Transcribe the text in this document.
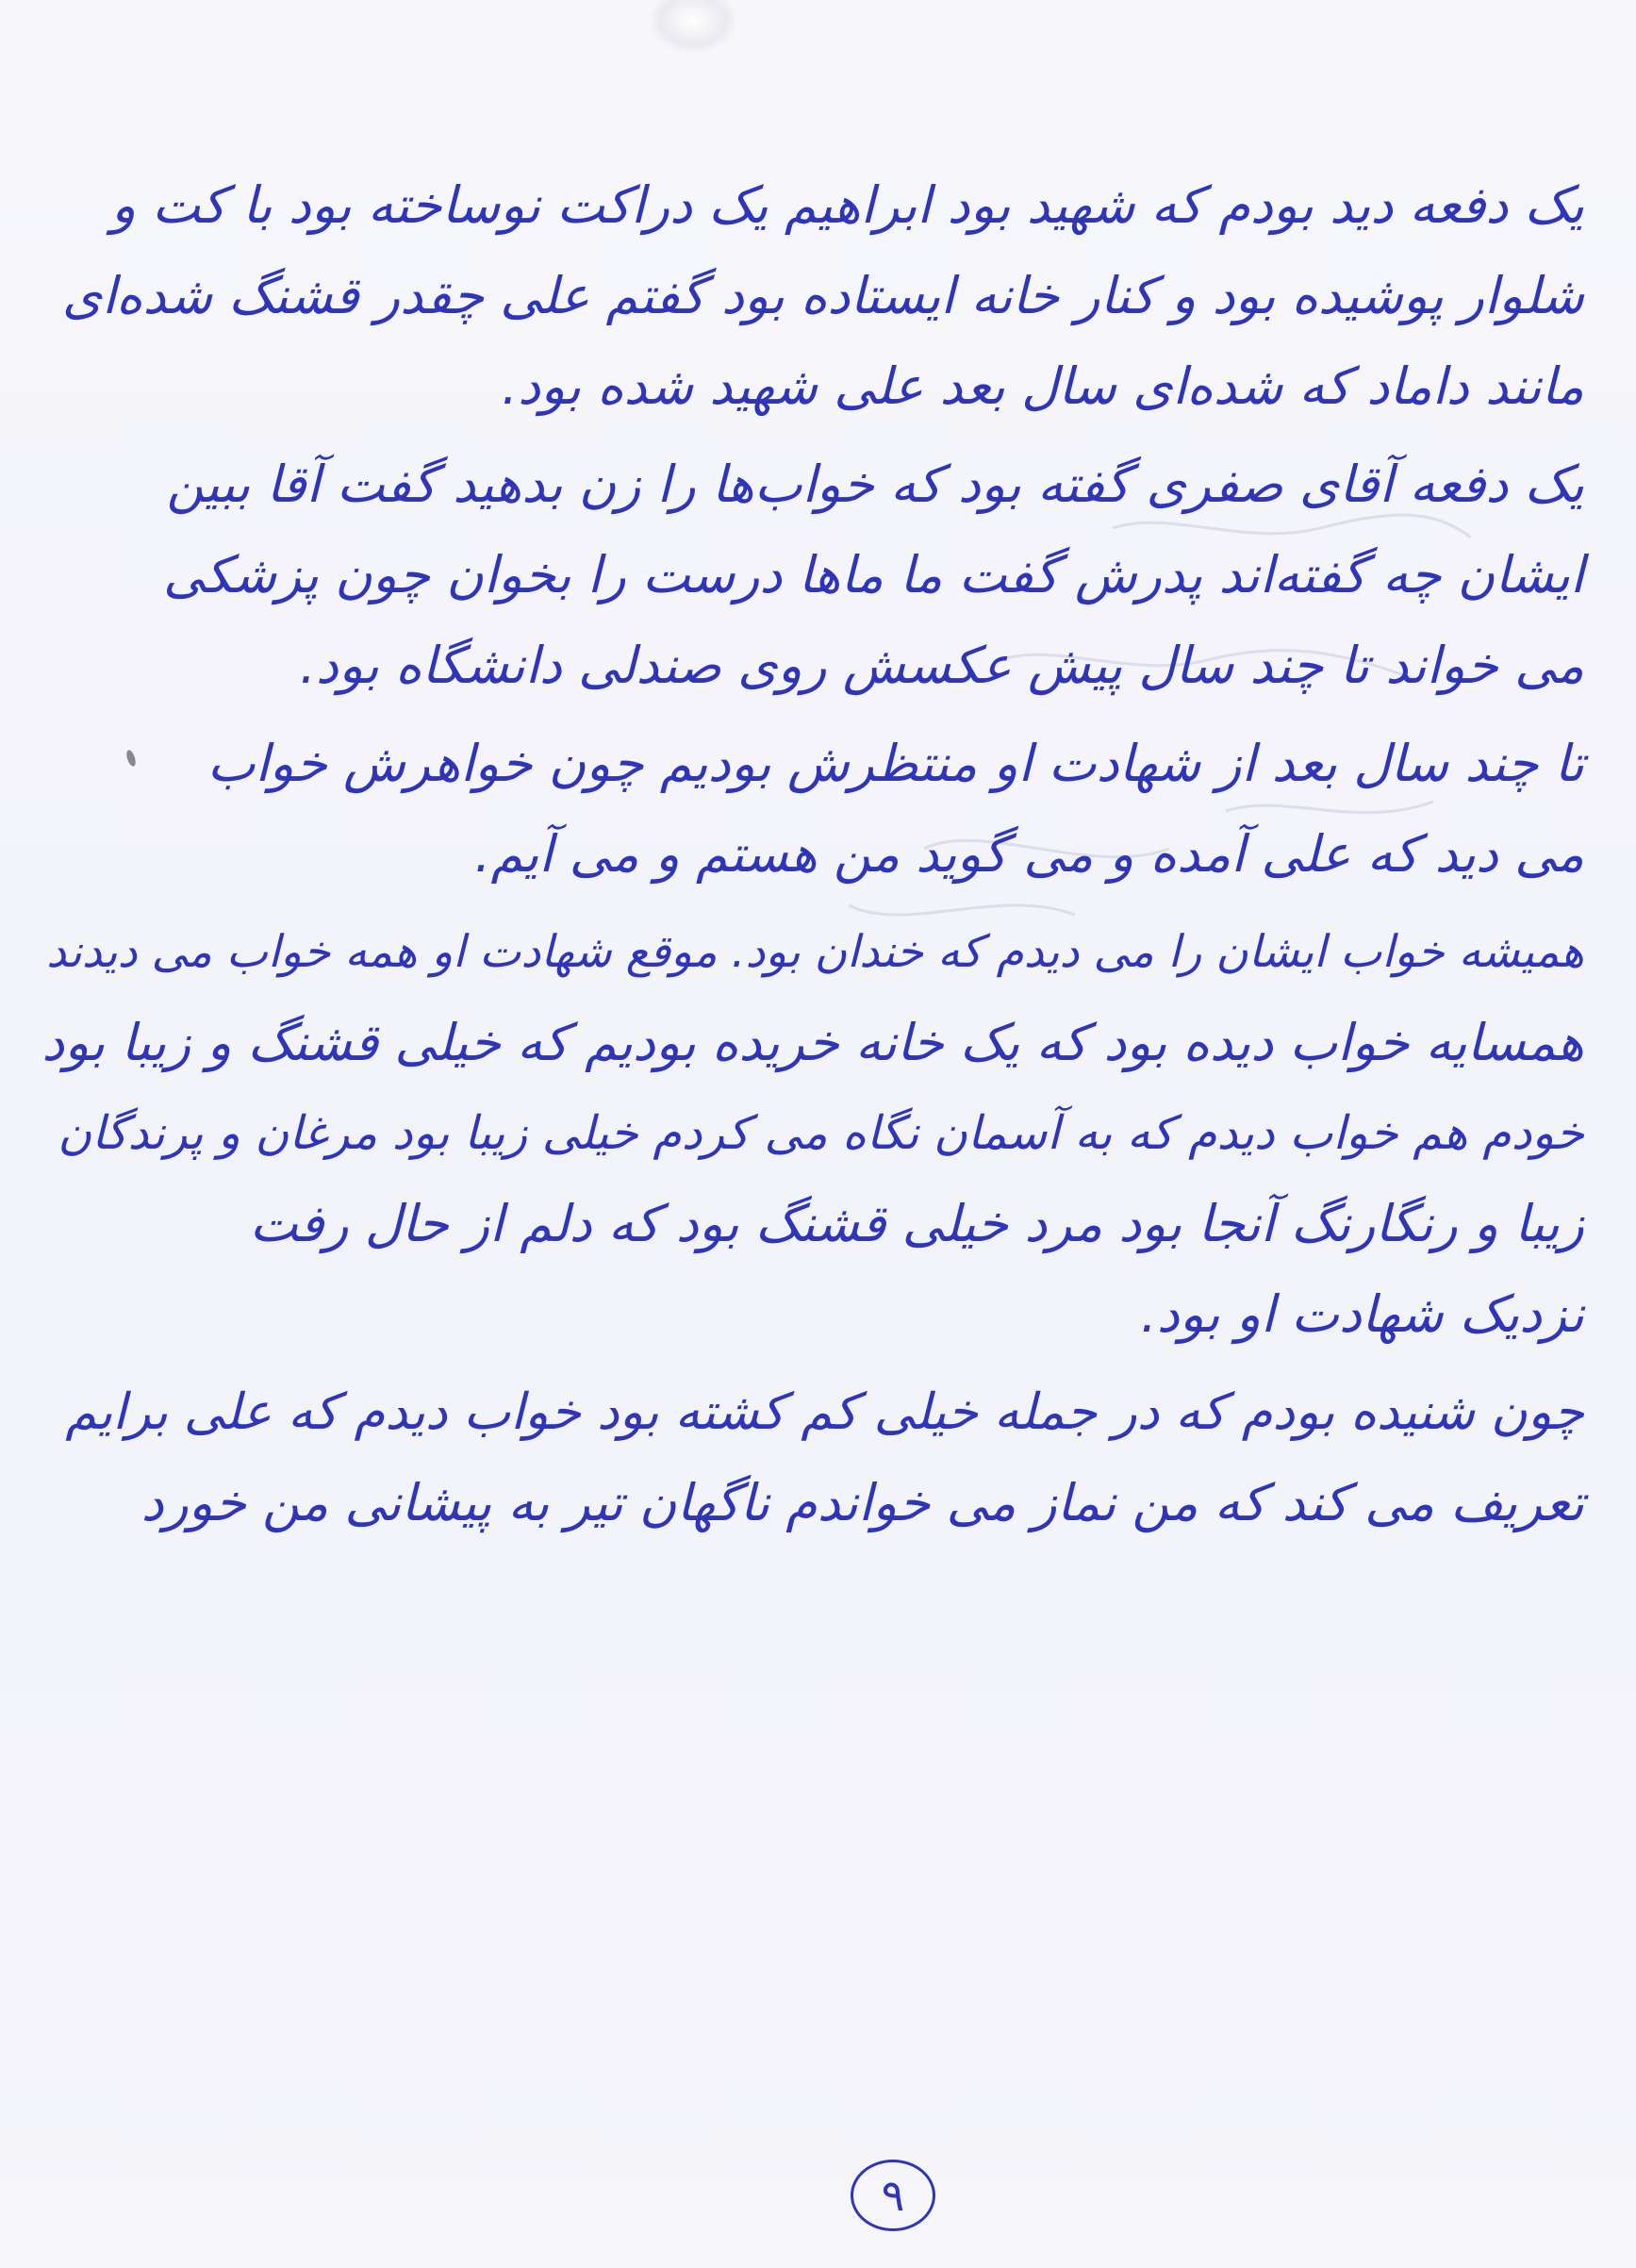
یک دفعه دید بودم که شهید بود ابراهیم یک دراکت نوساخته بود با کت و
شلوار پوشیده بود و کنار خانه ایستاده بود گفتم علی چقدر قشنگ شده‌ای
مانند داماد که شده‌ای سال بعد علی شهید شده بود.
یک دفعه آقای صفری گفته بود که خواب‌ها را زن بدهید گفت آقا ببین
ایشان چه گفته‌اند پدرش گفت ما ماها درست را بخوان چون پزشکی
می خواند تا چند سال پیش عکسش روی صندلی دانشگاه بود.
تا چند سال بعد از شهادت او منتظرش بودیم چون خواهرش خواب
می دید که علی آمده و می گوید من هستم و می آیم.
همیشه خواب ایشان را می دیدم که خندان بود. موقع شهادت او همه خواب می دیدند
همسایه خواب دیده بود که یک خانه خریده بودیم که خیلی قشنگ و زیبا بود
خودم هم خواب دیدم که به آسمان نگاه می کردم خیلی زیبا بود مرغان و پرندگان
زیبا و رنگارنگ آنجا بود مرد خیلی قشنگ بود که دلم از حال رفت
نزدیک شهادت او بود.
چون شنیده بودم که در جمله خیلی کم کشته بود خواب دیدم که علی برایم
تعریف می کند که من نماز می خواندم ناگهان تیر به پیشانی من خورد
۹
